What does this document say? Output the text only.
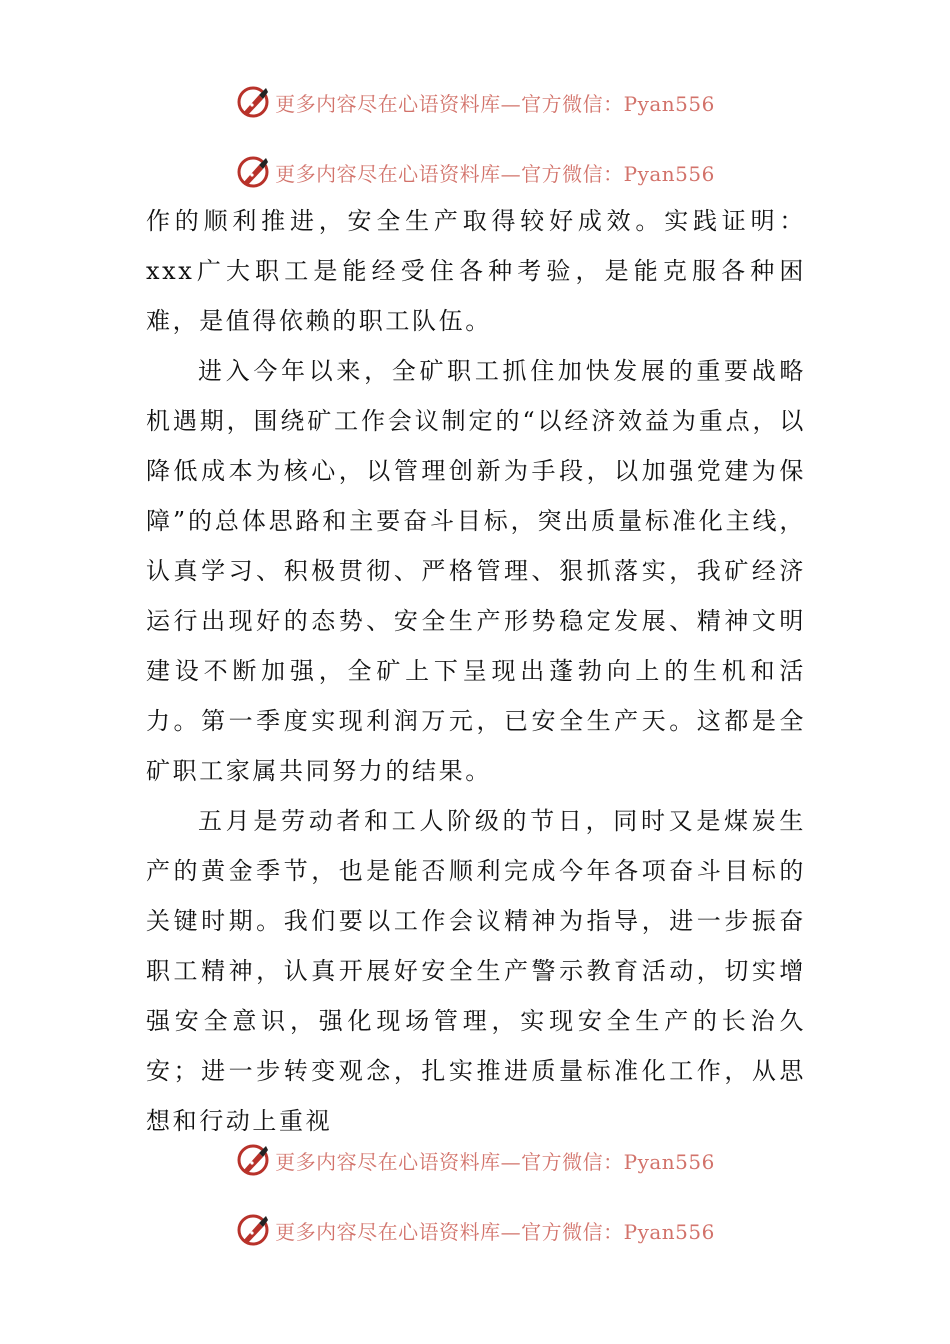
更多内容尽在心语资料库—官方微信：Pyan556
更多内容尽在心语资料库—官方微信：Pyan556

作的顺利推进，安全生产取得较好成效。实践证明：xxx广大职工是能经受住各种考验，是能克服各种困难，是值得依赖的职工队伍。

进入今年以来，全矿职工抓住加快发展的重要战略机遇期，围绕矿工作会议制定的“以经济效益为重点，以降低成本为核心，以管理创新为手段，以加强党建为保障”的总体思路和主要奋斗目标，突出质量标准化主线，认真学习、积极贯彻、严格管理、狠抓落实，我矿经济运行出现好的态势、安全生产形势稳定发展、精神文明建设不断加强，全矿上下呈现出蓬勃向上的生机和活力。第一季度实现利润万元，已安全生产天。这都是全矿职工家属共同努力的结果。

五月是劳动者和工人阶级的节日，同时又是煤炭生产的黄金季节，也是能否顺利完成今年各项奋斗目标的关键时期。我们要以工作会议精神为指导，进一步振奋职工精神，认真开展好安全生产警示教育活动，切实增强安全意识，强化现场管理，实现安全生产的长治久安；进一步转变观念，扎实推进质量标准化工作，从思想和行动上重视

更多内容尽在心语资料库—官方微信：Pyan556
更多内容尽在心语资料库—官方微信：Pyan556
